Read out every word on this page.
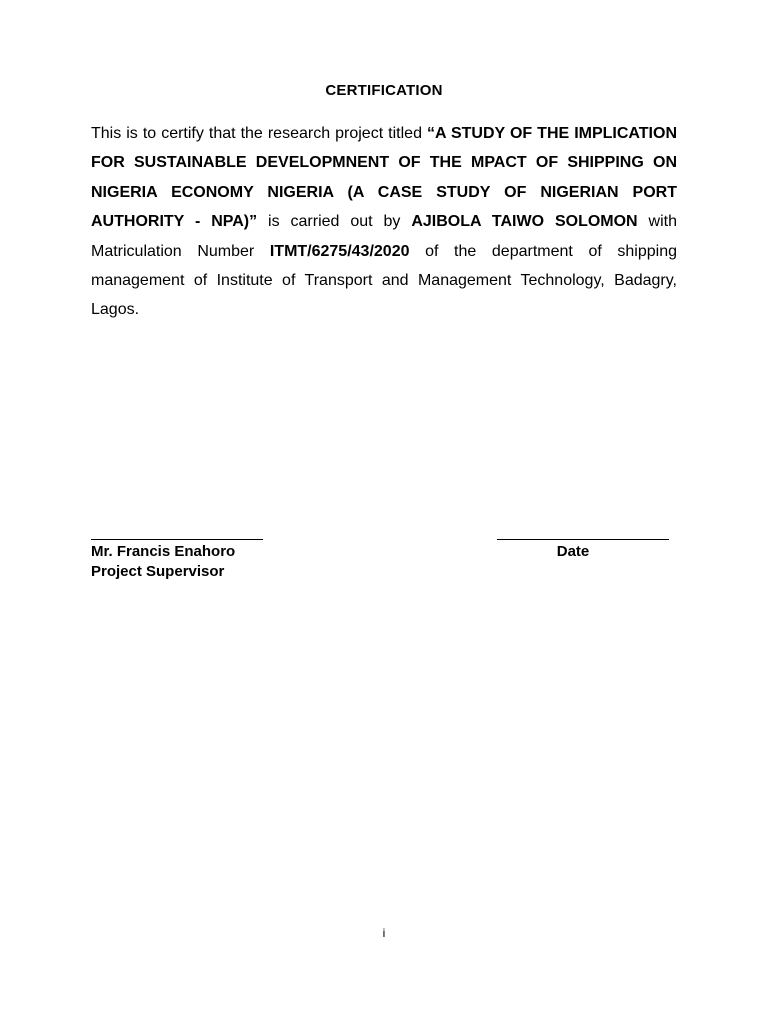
CERTIFICATION
This is to certify that the research project titled “A STUDY OF THE IMPLICATION FOR SUSTAINABLE DEVELOPMNENT OF THE MPACT OF SHIPPING ON NIGERIA ECONOMY NIGERIA (A CASE STUDY OF NIGERIAN PORT AUTHORITY - NPA)” is carried out by AJIBOLA TAIWO SOLOMON with Matriculation Number ITMT/6275/43/2020 of the department of shipping management of Institute of Transport and Management Technology, Badagry, Lagos.
Mr. Francis Enahoro
Project Supervisor
Date
i
